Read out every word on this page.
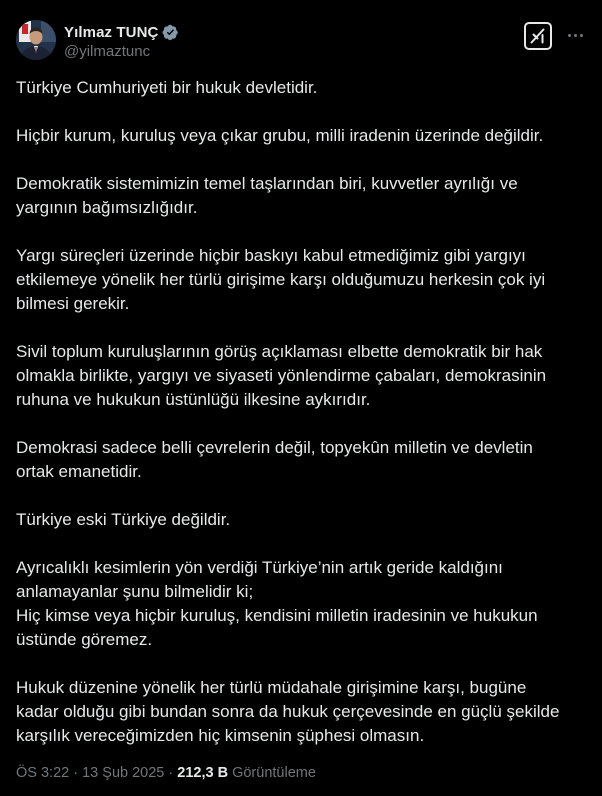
Yılmaz TUNÇ
@yilmaztunc

Türkiye Cumhuriyeti bir hukuk devletidir.

Hiçbir kurum, kuruluş veya çıkar grubu, milli iradenin üzerinde değildir.

Demokratik sistemimizin temel taşlarından biri, kuvvetler ayrılığı ve
yargının bağımsızlığıdır.

Yargı süreçleri üzerinde hiçbir baskıyı kabul etmediğimiz gibi yargıyı
etkilemeye yönelik her türlü girişime karşı olduğumuzu herkesin çok iyi
bilmesi gerekir.

Sivil toplum kuruluşlarının görüş açıklaması elbette demokratik bir hak
olmakla birlikte, yargıyı ve siyaseti yönlendirme çabaları, demokrasinin
ruhuna ve hukukun üstünlüğü ilkesine aykırıdır.

Demokrasi sadece belli çevrelerin değil, topyekûn milletin ve devletin
ortak emanetidir.

Türkiye eski Türkiye değildir.

Ayrıcalıklı kesimlerin yön verdiği Türkiye’nin artık geride kaldığını
anlamayanlar şunu bilmelidir ki;
Hiç kimse veya hiçbir kuruluş, kendisini milletin iradesinin ve hukukun
üstünde göremez.

Hukuk düzenine yönelik her türlü müdahale girişimine karşı, bugüne
kadar olduğu gibi bundan sonra da hukuk çerçevesinde en güçlü şekilde
karşılık vereceğimizden hiç kimsenin şüphesi olmasın.

ÖS 3:22 · 13 Şub 2025 · 212,3 B Görüntüleme
